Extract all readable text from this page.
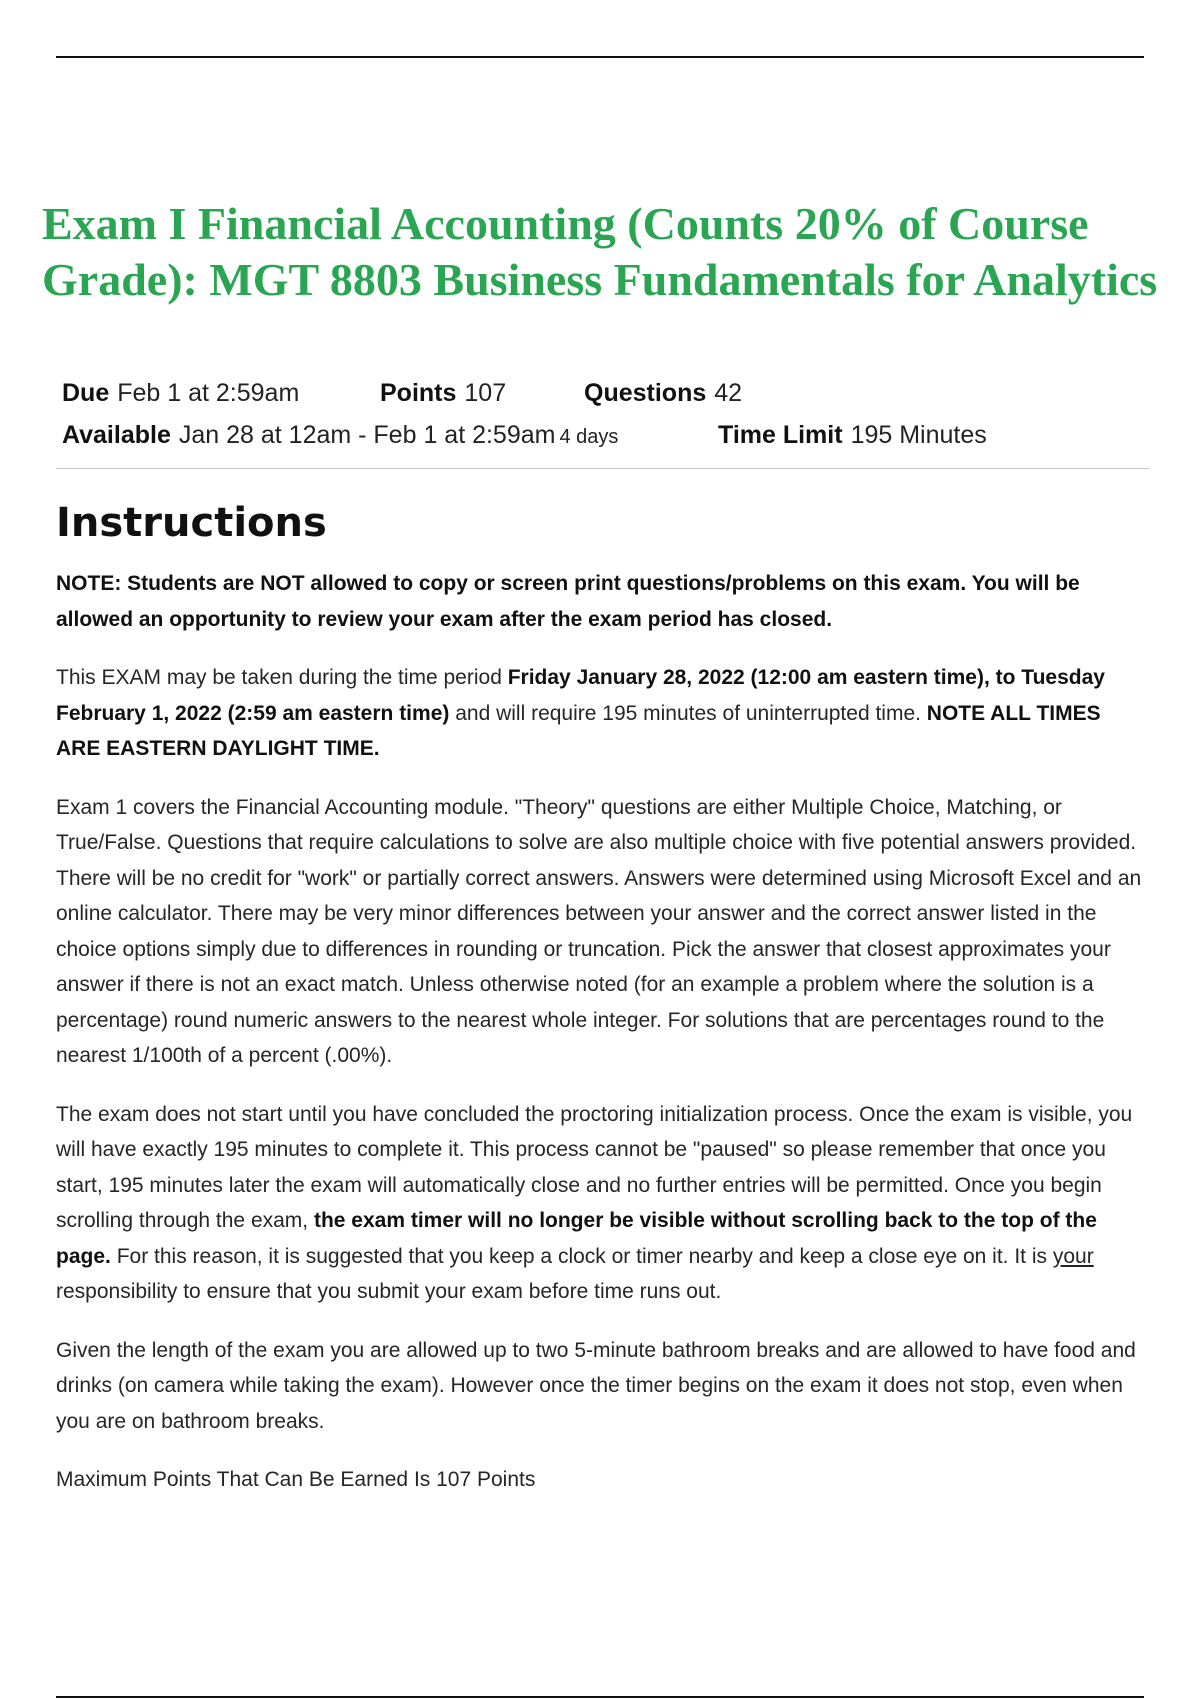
Exam I Financial Accounting (Counts 20% of Course Grade): MGT 8803 Business Fundamentals for Analytics
Due Feb 1 at 2:59am	Points 107	Questions 42
Available Jan 28 at 12am - Feb 1 at 2:59am 4 days	Time Limit 195 Minutes
Instructions

NOTE: Students are NOT allowed to copy or screen print questions/problems on this exam. You will be allowed an opportunity to review your exam after the exam period has closed.

This EXAM may be taken during the time period Friday January 28, 2022 (12:00 am eastern time), to Tuesday February 1, 2022 (2:59 am eastern time) and will require 195 minutes of uninterrupted time. NOTE ALL TIMES ARE EASTERN DAYLIGHT TIME.

Exam 1 covers the Financial Accounting module. "Theory" questions are either Multiple Choice, Matching, or True/False. Questions that require calculations to solve are also multiple choice with five potential answers provided. There will be no credit for "work" or partially correct answers. Answers were determined using Microsoft Excel and an online calculator. There may be very minor differences between your answer and the correct answer listed in the choice options simply due to differences in rounding or truncation. Pick the answer that closest approximates your answer if there is not an exact match. Unless otherwise noted (for an example a problem where the solution is a percentage) round numeric answers to the nearest whole integer. For solutions that are percentages round to the nearest 1/100th of a percent (.00%).

The exam does not start until you have concluded the proctoring initialization process. Once the exam is visible, you will have exactly 195 minutes to complete it. This process cannot be "paused" so please remember that once you start, 195 minutes later the exam will automatically close and no further entries will be permitted. Once you begin scrolling through the exam, the exam timer will no longer be visible without scrolling back to the top of the page. For this reason, it is suggested that you keep a clock or timer nearby and keep a close eye on it. It is your responsibility to ensure that you submit your exam before time runs out.

Given the length of the exam you are allowed up to two 5-minute bathroom breaks and are allowed to have food and drinks (on camera while taking the exam). However once the timer begins on the exam it does not stop, even when you are on bathroom breaks.

Maximum Points That Can Be Earned Is 107 Points
